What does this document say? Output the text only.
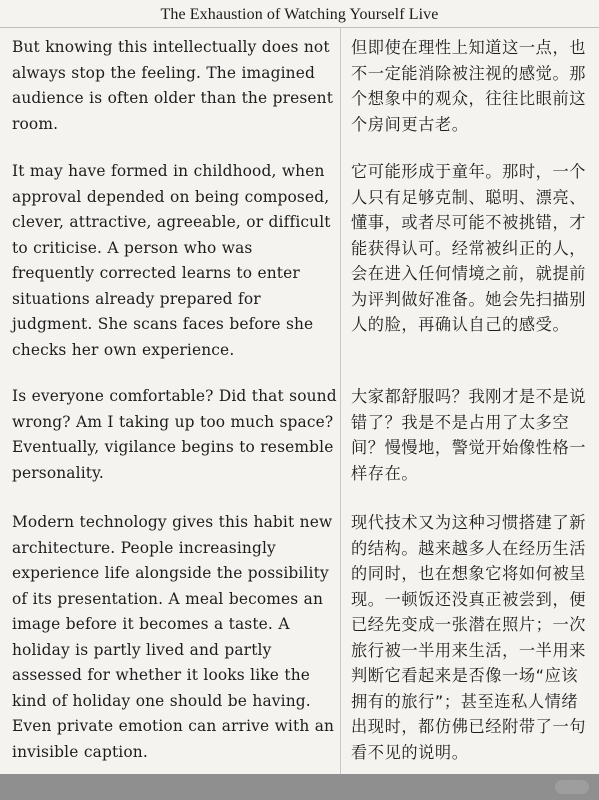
The Exhaustion of Watching Yourself Live

But knowing this intellectually does not always stop the feeling. The imagined audience is often older than the present room.

但即使在理性上知道这一点，也不一定能消除被注视的感觉。那个想象中的观众，往往比眼前这个房间更古老。

It may have formed in childhood, when approval depended on being composed, clever, attractive, agreeable, or difficult to criticise. A person who was frequently corrected learns to enter situations already prepared for judgment. She scans faces before she checks her own experience.

它可能形成于童年。那时，一个人只有足够克制、聪明、漂亮、懂事，或者尽可能不被挑错，才能获得认可。经常被纠正的人，会在进入任何情境之前，就提前为评判做好准备。她会先扫描别人的脸，再确认自己的感受。

Is everyone comfortable? Did that sound wrong? Am I taking up too much space? Eventually, vigilance begins to resemble personality.

大家都舒服吗？我刚才是不是说错了？我是不是占用了太多空间？慢慢地，警觉开始像性格一样存在。

Modern technology gives this habit new architecture. People increasingly experience life alongside the possibility of its presentation. A meal becomes an image before it becomes a taste. A holiday is partly lived and partly assessed for whether it looks like the kind of holiday one should be having. Even private emotion can arrive with an invisible caption.

现代技术又为这种习惯搭建了新的结构。越来越多人在经历生活的同时，也在想象它将如何被呈现。一顿饭还没真正被尝到，便已经先变成一张潜在照片；一次旅行被一半用来生活，一半用来判断它看起来是否像一场“应该拥有的旅行”；甚至连私人情绪出现时，都仿佛已经附带了一句看不见的说明。
